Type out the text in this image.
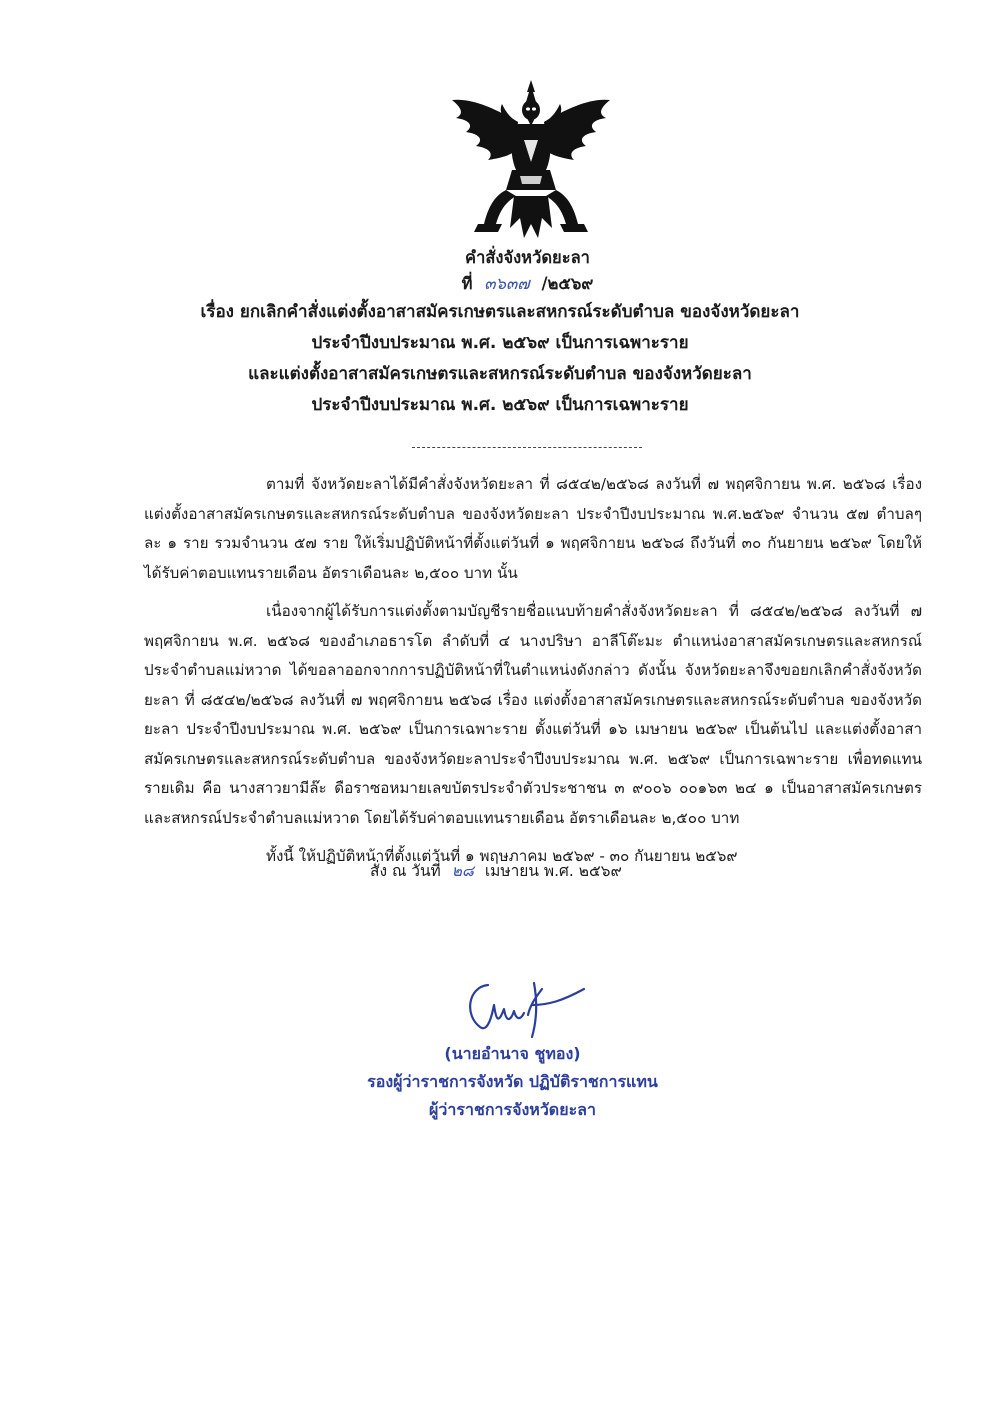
คำสั่งจังหวัดยะลา
ที่ ๓๖๓๗ /๒๕๖๙
เรื่อง ยกเลิกคำสั่งแต่งตั้งอาสาสมัครเกษตรและสหกรณ์ระดับตำบล ของจังหวัดยะลา
ประจำปีงบประมาณ พ.ศ. ๒๕๖๙ เป็นการเฉพาะราย
และแต่งตั้งอาสาสมัครเกษตรและสหกรณ์ระดับตำบล ของจังหวัดยะลา
ประจำปีงบประมาณ พ.ศ. ๒๕๖๙ เป็นการเฉพาะราย

ตามที่ จังหวัดยะลาได้มีคำสั่งจังหวัดยะลา ที่ ๘๕๔๒/๒๕๖๘ ลงวันที่ ๗ พฤศจิกายน พ.ศ. ๒๕๖๘ เรื่อง แต่งตั้งอาสาสมัครเกษตรและสหกรณ์ระดับตำบล ของจังหวัดยะลา ประจำปีงบประมาณ พ.ศ.๒๕๖๙ จำนวน ๕๗ ตำบลๆ ละ ๑ ราย รวมจำนวน ๕๗ ราย ให้เริ่มปฏิบัติหน้าที่ตั้งแต่วันที่ ๑ พฤศจิกายน ๒๕๖๘ ถึงวันที่ ๓๐ กันยายน ๒๕๖๙ โดยให้ได้รับค่าตอบแทนรายเดือน อัตราเดือนละ ๒,๕๐๐ บาท นั้น

เนื่องจากผู้ได้รับการแต่งตั้งตามบัญชีรายชื่อแนบท้ายคำสั่งจังหวัดยะลา ที่ ๘๕๔๒/๒๕๖๘ ลงวันที่ ๗ พฤศจิกายน พ.ศ. ๒๕๖๘ ของอำเภอธารโต ลำดับที่ ๔ นางปริษา อาลีโต๊ะมะ ตำแหน่งอาสาสมัครเกษตรและสหกรณ์ประจำตำบลแม่หวาด ได้ขอลาออกจากการปฏิบัติหน้าที่ในตำแหน่งดังกล่าว ดังนั้น จังหวัดยะลาจึงขอยกเลิกคำสั่งจังหวัดยะลา ที่ ๘๕๔๒/๒๕๖๘ ลงวันที่ ๗ พฤศจิกายน ๒๕๖๘ เรื่อง แต่งตั้งอาสาสมัครเกษตรและสหกรณ์ระดับตำบล ของจังหวัดยะลา ประจำปีงบประมาณ พ.ศ. ๒๕๖๙ เป็นการเฉพาะราย ตั้งแต่วันที่ ๑๖ เมษายน ๒๕๖๙ เป็นต้นไป และแต่งตั้งอาสาสมัครเกษตรและสหกรณ์ระดับตำบล ของจังหวัดยะลาประจำปีงบประมาณ พ.ศ. ๒๕๖๙ เป็นการเฉพาะราย เพื่อทดแทนรายเดิม คือ นางสาวยามีล๊ะ ดือราซอหมายเลขบัตรประจำตัวประชาชน ๓ ๙๐๐๖ ๐๐๑๖๓ ๒๔ ๑ เป็นอาสาสมัครเกษตรและสหกรณ์ประจำตำบลแม่หวาด โดยได้รับค่าตอบแทนรายเดือน อัตราเดือนละ ๒,๕๐๐ บาท

ทั้งนี้ ให้ปฏิบัติหน้าที่ตั้งแต่วันที่ ๑ พฤษภาคม ๒๕๖๙ - ๓๐ กันยายน ๒๕๖๙

สั่ง ณ วันที่ ๒๘ เมษายน พ.ศ. ๒๕๖๙
(นายอำนาจ ชูทอง)
รองผู้ว่าราชการจังหวัด ปฏิบัติราชการแทน
ผู้ว่าราชการจังหวัดยะลา
